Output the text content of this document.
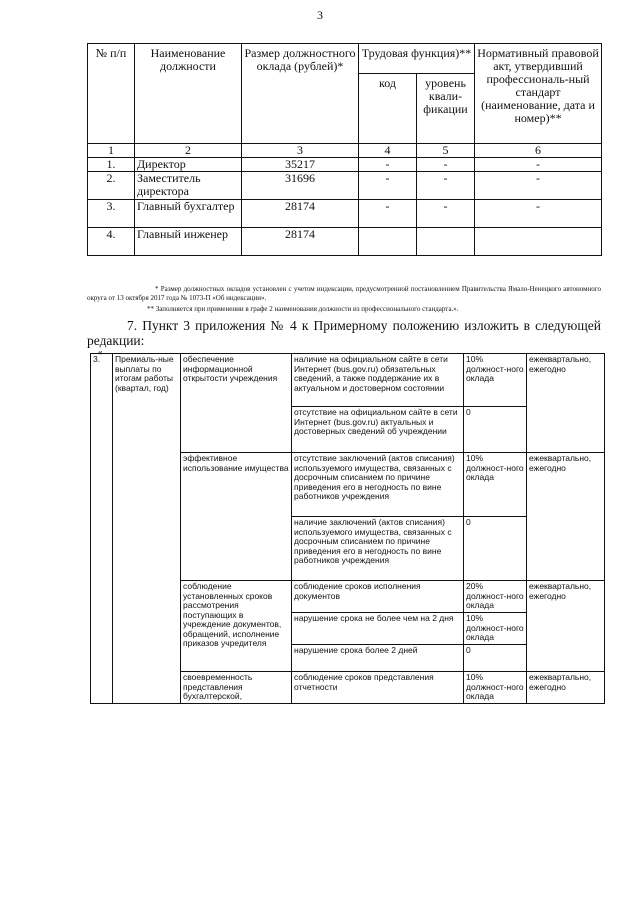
3
№ п/п	Наименование должности	Размер должностного оклада (рублей)*	Трудовая функция)**		Нормативный правовой акт, утвердивший профессиональ-ный стандарт (наименование, дата и номер)**
			код	уровень квали-фикации	
1	2	3	4	5	6
1.	Директор	35217	-	-	-
2.	Заместитель директора	31696	-	-	-
3.	Главный бухгалтер	28174	-	-	-
4.	Главный инженер	28174			
* Размер должностных окладов установлен с учетом индексации, предусмотренной постановлением Правительства Ямало-Ненецкого автономного округа от 13 октября 2017 года № 1073-П «Об индексации».
** Заполняется при применении в графе 2 наименования должности из профессионального стандарта.».
7. Пункт 3 приложения № 4 к Примерному положению изложить в следующей редакции:
«
3.	Премиаль-ные выплаты по итогам работы (квартал, год)	обеспечение информационной открытости учреждения	наличие на официальном сайте в сети Интернет (bus.gov.ru) обязательных сведений, а также поддержание их в актуальном и достоверном состоянии	10% должност-ного оклада	ежеквартально, ежегодно
			отсутствие на официальном сайте в сети Интернет (bus.gov.ru) актуальных и достоверных сведений об учреждении	0	
		эффективное использование имущества	отсутствие заключений (актов списания) используемого имущества, связанных с досрочным списанием по причине приведения его в негодность по вине работников учреждения	10% должност-ного оклада	ежеквартально, ежегодно
			наличие заключений (актов списания) используемого имущества, связанных с досрочным списанием по причине приведения его в негодность по вине работников учреждения	0	
		соблюдение установленных сроков рассмотрения поступающих в учреждение документов, обращений, исполнение приказов учредителя	соблюдение сроков исполнения документов	20% должност-ного оклада	ежеквартально, ежегодно
			нарушение срока не более чем на 2 дня	10% должност-ного оклада	
			нарушение срока более 2 дней	0	
		своевременность представления бухгалтерской,	соблюдение сроков представления отчетности	10% должност-ного оклада	ежеквартально, ежегодно
